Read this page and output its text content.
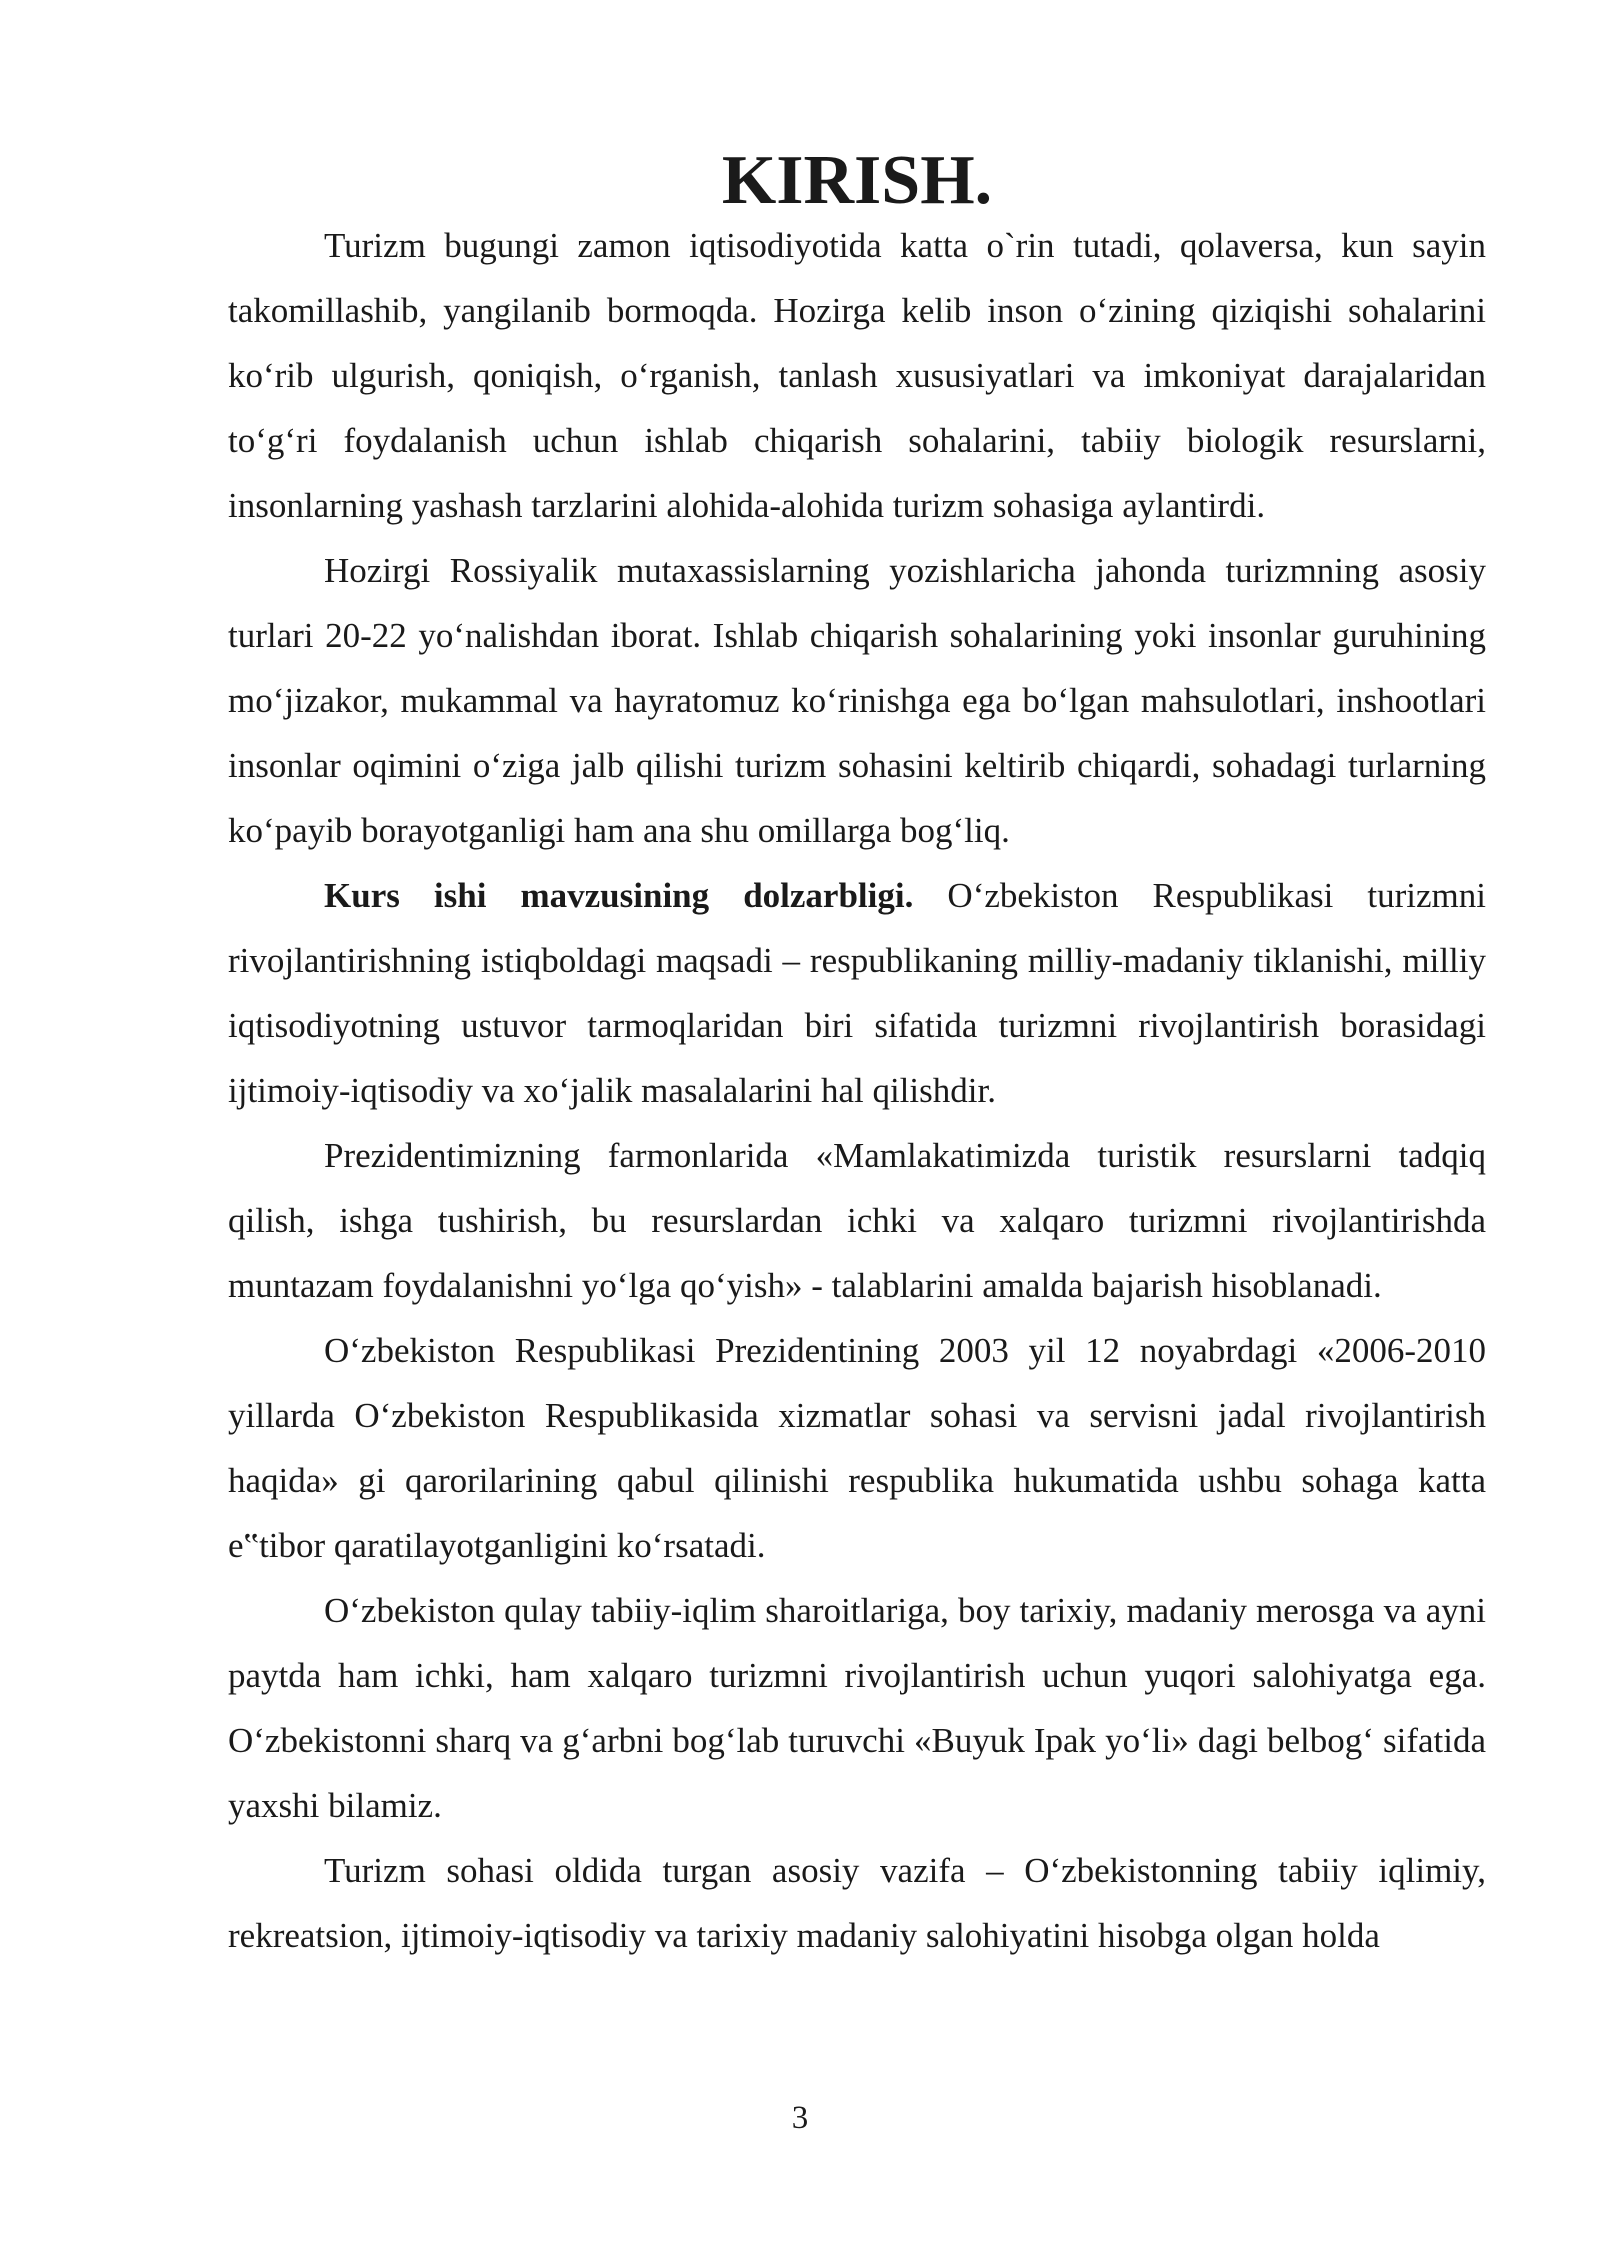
KIRISH.

Turizm bugungi zamon iqtisodiyotida katta o`rin tutadi, qolaversa, kun sayin takomillashib, yangilanib bormoqda. Hozirga kelib inson o‘zining qiziqishi sohalarini ko‘rib ulgurish, qoniqish, o‘rganish, tanlash xususiyatlari va imkoniyat darajalaridan to‘g‘ri foydalanish uchun ishlab chiqarish sohalarini, tabiiy biologik resurslarni, insonlarning yashash tarzlarini alohida-alohida turizm sohasiga aylantirdi.

Hozirgi Rossiyalik mutaxassislarning yozishlaricha jahonda turizmning asosiy turlari 20-22 yo‘nalishdan iborat. Ishlab chiqarish sohalarining yoki insonlar guruhining mo‘jizakor, mukammal va hayratomuz ko‘rinishga ega bo‘lgan mahsulotlari, inshootlari insonlar oqimini o‘ziga jalb qilishi turizm sohasini keltirib chiqardi, sohadagi turlarning ko‘payib borayotganligi ham ana shu omillarga bog‘liq.

Kurs ishi mavzusining dolzarbligi. O‘zbekiston Respublikasi turizmni rivojlantirishning istiqboldagi maqsadi – respublikaning milliy-madaniy tiklanishi, milliy iqtisodiyotning ustuvor tarmoqlaridan biri sifatida turizmni rivojlantirish borasidagi ijtimoiy-iqtisodiy va xo‘jalik masalalarini hal qilishdir.

Prezidentimizning farmonlarida «Mamlakatimizda turistik resurslarni tadqiq qilish, ishga tushirish, bu resurslardan ichki va xalqaro turizmni rivojlantirishda muntazam foydalanishni yo‘lga qo‘yish» - talablarini amalda bajarish hisoblanadi.

O‘zbekiston Respublikasi Prezidentining 2003 yil 12 noyabrdagi «2006-2010 yillarda O‘zbekiston Respublikasida xizmatlar sohasi va servisni jadal rivojlantirish haqida» gi qarorilarining qabul qilinishi respublika hukumatida ushbu sohaga katta e‟tibor qaratilayotganligini ko‘rsatadi.

O‘zbekiston qulay tabiiy-iqlim sharoitlariga, boy tarixiy, madaniy merosga va ayni paytda ham ichki, ham xalqaro turizmni rivojlantirish uchun yuqori salohiyatga ega. O‘zbekistonni sharq va g‘arbni bog‘lab turuvchi «Buyuk Ipak yo‘li» dagi belbog‘ sifatida yaxshi bilamiz.

Turizm sohasi oldida turgan asosiy vazifa – O‘zbekistonning tabiiy iqlimiy, rekreatsion, ijtimoiy-iqtisodiy va tarixiy madaniy salohiyatini hisobga olgan holda

3
